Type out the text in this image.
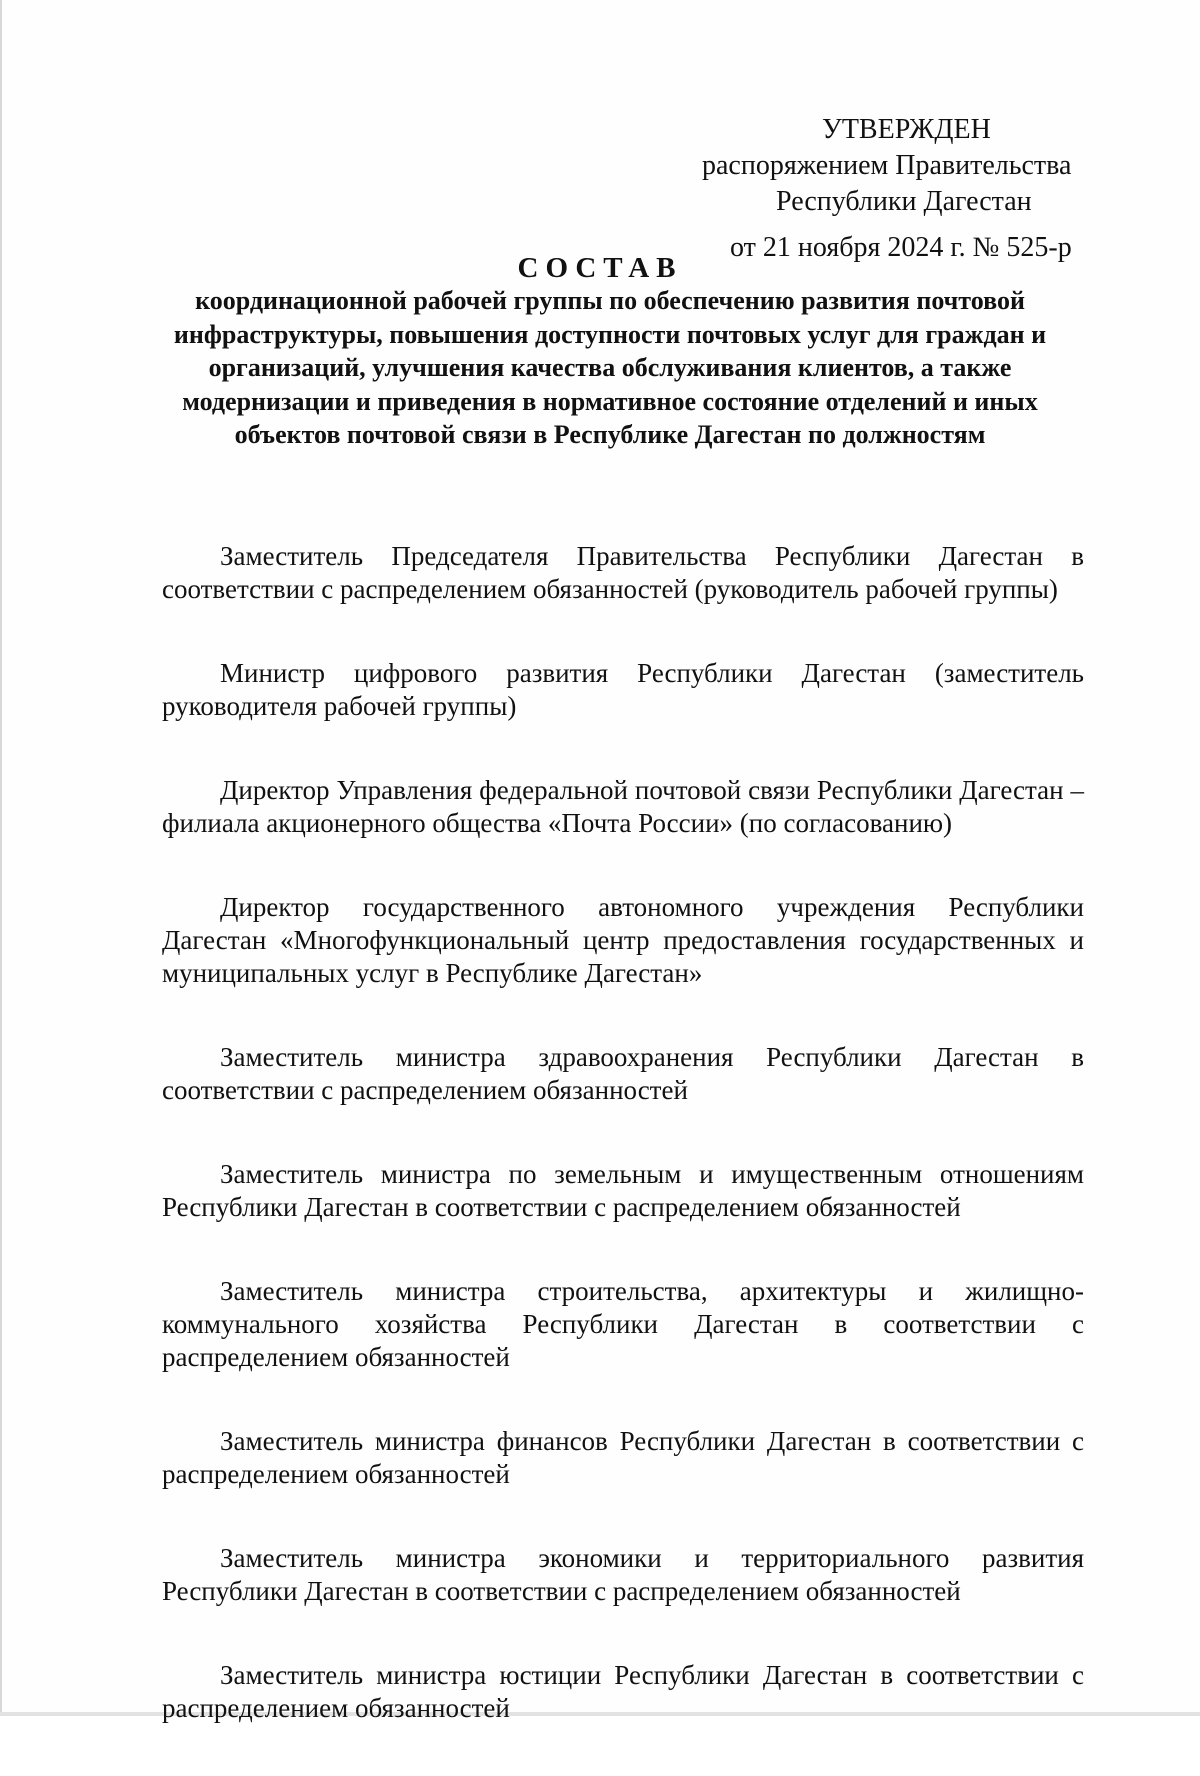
УТВЕРЖДЕН
распоряжением Правительства
Республики Дагестан
от 21 ноября 2024 г. № 525-р
СОСТАВ
координационной рабочей группы по обеспечению развития почтовой инфраструктуры, повышения доступности почтовых услуг для граждан и организаций, улучшения качества обслуживания клиентов, а также модернизации и приведения в нормативное состояние отделений и иных объектов почтовой связи в Республике Дагестан по должностям

Заместитель Председателя Правительства Республики Дагестан в соответствии с распределением обязанностей (руководитель рабочей группы)

Министр цифрового развития Республики Дагестан (заместитель руководителя рабочей группы)

Директор Управления федеральной почтовой связи Республики Дагестан – филиала акционерного общества «Почта России» (по согласованию)

Директор государственного автономного учреждения Республики Дагестан «Многофункциональный центр предоставления государственных и муниципальных услуг в Республике Дагестан»

Заместитель министра здравоохранения Республики Дагестан в соответствии с распределением обязанностей

Заместитель министра по земельным и имущественным отношениям Республики Дагестан в соответствии с распределением обязанностей

Заместитель министра строительства, архитектуры и жилищно-коммунального хозяйства Республики Дагестан в соответствии с распределением обязанностей

Заместитель министра финансов Республики Дагестан в соответствии с распределением обязанностей

Заместитель министра экономики и территориального развития Республики Дагестан в соответствии с распределением обязанностей

Заместитель министра юстиции Республики Дагестан в соответствии с распределением обязанностей
